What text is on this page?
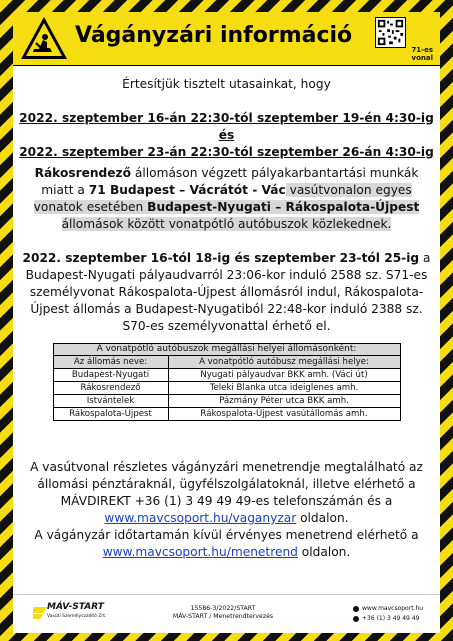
Vágányzári információ
71-es
vonal

Értesítjük tisztelt utasainkat, hogy

2022. szeptember 16-án 22:30-tól szeptember 19-én 4:30-ig és

2022. szeptember 23-án 22:30-tól szeptember 26-án 4:30-ig

Rákosrendező állomáson végzett pályakarbantartási munkák miatt a 71 Budapest – Vácrátót - Vác vasútvonalon egyes vonatok esetében Budapest-Nyugati – Rákospalota-Újpest állomások között vonatpótló autóbuszok közlekednek.

2022. szeptember 16-tól 18-ig és szeptember 23-tól 25-ig a Budapest-Nyugati pályaudvarról 23:06-kor induló 2588 sz. S71-es személyvonat Rákospalota-Újpest állomásról indul, Rákospalota-Újpest állomás a Budapest-Nyugatiból 22:48-kor induló 2388 sz. S70-es személyvonattal érhető el.

A vonatpótló autóbuszok megállási helyei állomásonként:
Az állomás neve:	A vonatpótló autóbusz megállási helye:
Budapest-Nyugati	Nyugati pályaudvar BKK amh. (Váci út)
Rákosrendező	Teleki Blanka utca ideiglenes amh.
Istvántelek	Pázmány Péter utca BKK amh.
Rákospalota-Újpest	Rákospalota-Újpest vasútállomás amh.

A vasútvonal részletes vágányzári menetrendje megtalálható az állomási pénztáraknál, ügyfélszolgálatoknál, illetve elérhető a MÁVDIREKT +36 (1) 3 49 49 49-es telefonszámán és a
www.mavcsoport.hu/vaganyzar oldalon.

A vágányzár időtartamán kívül érvényes menetrend elérhető a
www.mavcsoport.hu/menetrend oldalon.

MÁV-START
Vasúti Személyszállító Zrt.
15586-3/2022/START
MÁV-START / Menetrendtervezés
www.mavcsoport.hu
+36 (1) 3 49 49 49
